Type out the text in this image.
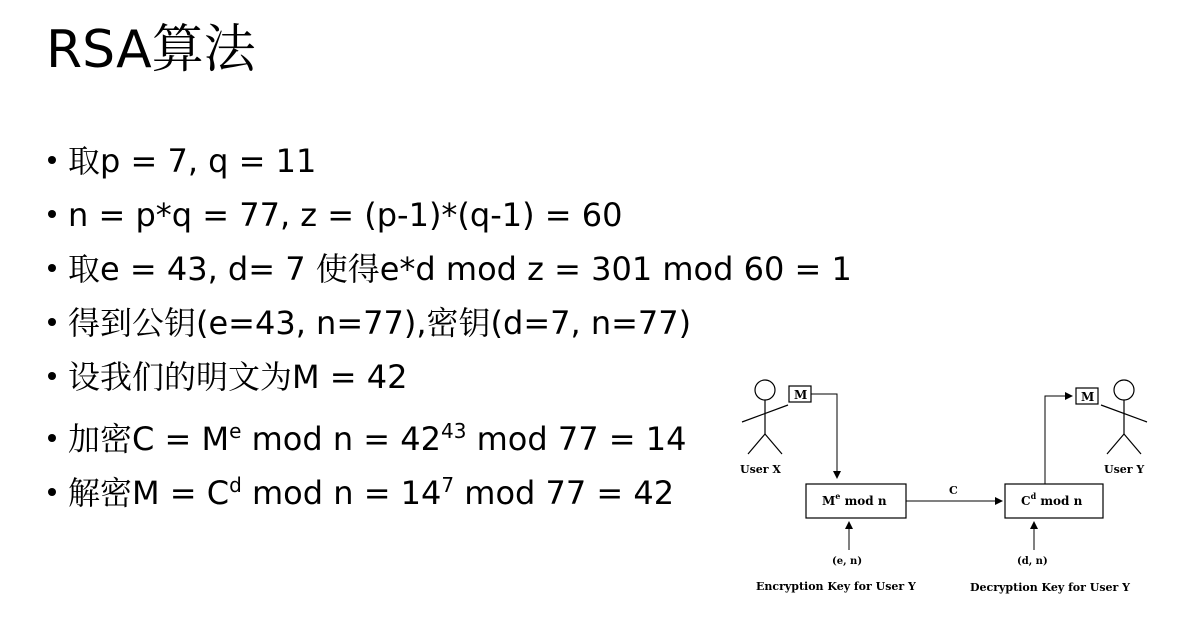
RSA算法
取p = 7, q = 11
n = p*q = 77, z = (p-1)*(q-1) = 60
取e = 43, d= 7 使得e*d mod z = 301 mod 60 = 1
得到公钥(e=43, n=77),密钥(d=7, n=77)
设我们的明文为M = 42
加密$C = M^e$ mod $n = 42^{43}$ mod 77 = 14
解密$M = C^d$ mod $n = 14^7$ mod 77 = 42
User X
M
Me mod n
C
$C^d$ mod n
M
User Y
(e, n)	(d, n)
Encryption Key for User Y	Decryption Key for User Y
